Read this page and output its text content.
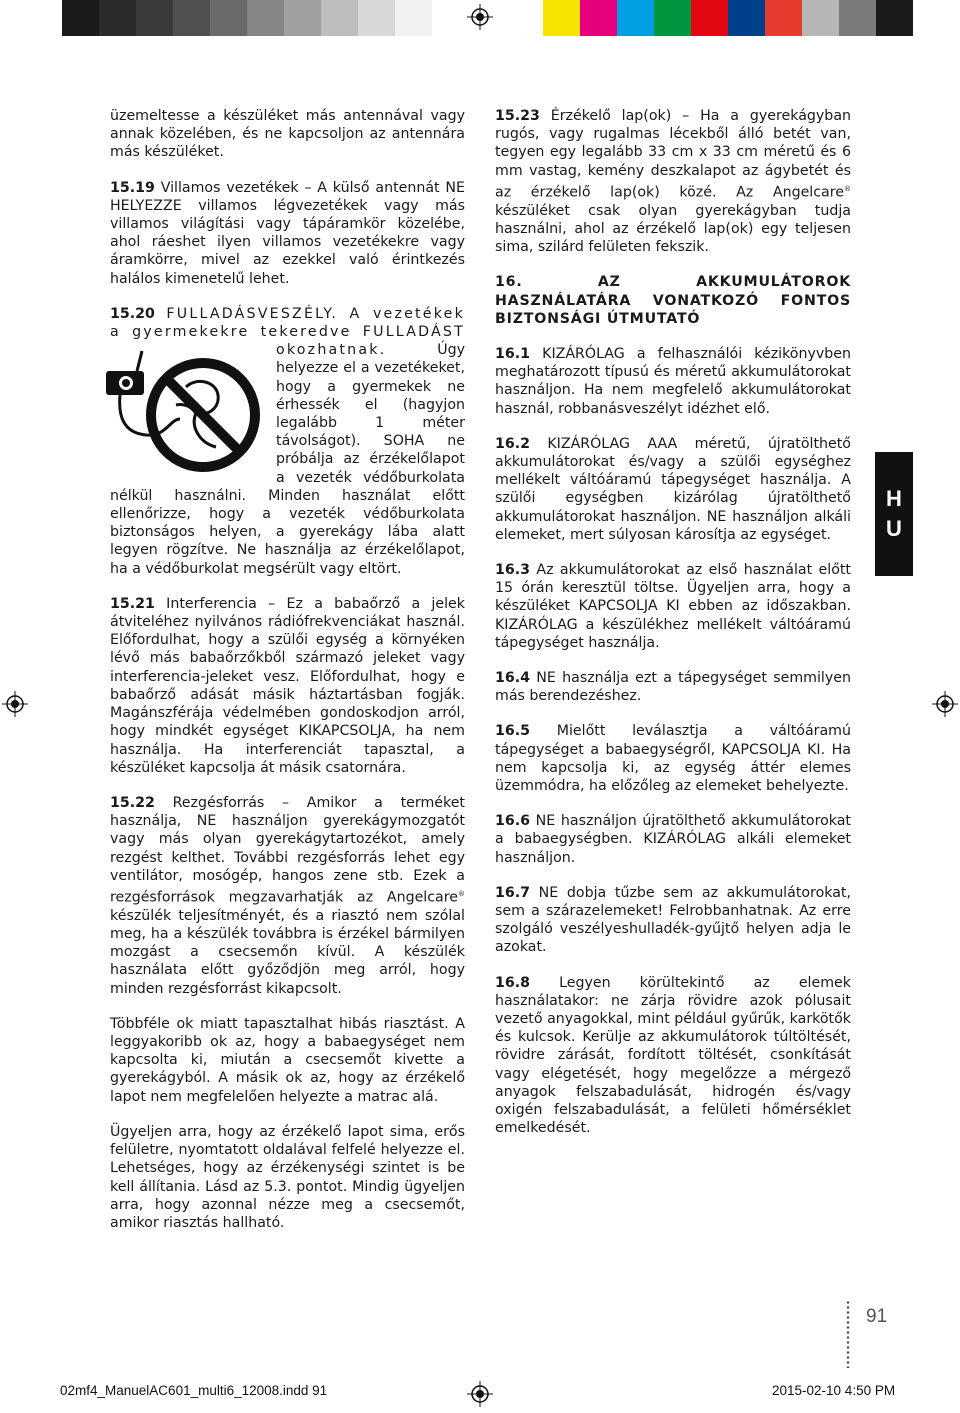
üzemeltesse a készüléket más antennával vagy annak közelében, és ne kapcsoljon az antennára más készüléket.

15.19 Villamos vezetékek – A külső antennát NE HELYEZZE villamos légvezetékek vagy más villamos világítási vagy tápáramkör közelébe, ahol ráeshet ilyen villamos vezetékekre vagy áramkörre, mivel az ezekkel való érintkezés halálos kimenetelű lehet.

15.20 FULLADÁSVESZÉLY. A vezetékek a gyermekekre tekeredve FULLADÁST okozhatnak.
Úgy helyezze el a vezetékeket, hogy a gyermekek ne érhessék el (hagyjon legalább 1 méter távolságot). SOHA ne próbálja az érzékelőlapot a vezeték védőburkolata nélkül használni. Minden használat előtt ellenőrizze, hogy a vezeték védőburkolata biztonságos helyen, a gyerekágy lába alatt legyen rögzítve. Ne használja az érzékelőlapot, ha a védőburkolat megsérült vagy eltört.

15.21 Interferencia – Ez a babaőrző a jelek átviteléhez nyilvános rádiófrekvenciákat használ. Előfordulhat, hogy a szülői egység a környéken lévő más babaőrzőkből származó jeleket vagy interferencia-jeleket vesz. Előfordulhat, hogy e babaőrző adását másik háztartásban fogják. Magánszférája védelmében gondoskodjon arról, hogy mindkét egységet KIKAPCSOLJA, ha nem használja. Ha interferenciát tapasztal, a készüléket kapcsolja át másik csatornára.

15.22 Rezgésforrás – Amikor a terméket használja, NE használjon gyerekágymozgatót vagy más olyan gyerekágytartozékot, amely rezgést kelthet. További rezgésforrás lehet egy ventilátor, mosógép, hangos zene stb. Ezek a rezgésforrások megzavarhatják az Angelcare® készülék teljesítményét, és a riasztó nem szólal meg, ha a készülék továbbra is érzékel bármilyen mozgást a csecsemőn kívül. A készülék használata előtt győződjön meg arról, hogy minden rezgésforrást kikapcsolt.

Többféle ok miatt tapasztalhat hibás riasztást. A leggyakoribb ok az, hogy a babaegységet nem kapcsolta ki, miután a csecsemőt kivette a gyerekágyból. A másik ok az, hogy az érzékelő lapot nem megfelelően helyezte a matrac alá.

Ügyeljen arra, hogy az érzékelő lapot sima, erős felületre, nyomtatott oldalával felfelé helyezze el. Lehetséges, hogy az érzékenységi szintet is be kell állítania. Lásd az 5.3. pontot. Mindig ügyeljen arra, hogy azonnal nézze meg a csecsemőt, amikor riasztás hallható.

15.23 Érzékelő lap(ok) – Ha a gyerekágyban rugós, vagy rugalmas lécekből álló betét van, tegyen egy legalább 33 cm x 33 cm méretű és 6 mm vastag, kemény deszkalapot az ágybetét és az érzékelő lap(ok) közé. Az Angelcare® készüléket csak olyan gyerekágyban tudja használni, ahol az érzékelő lap(ok) egy teljesen sima, szilárd felületen fekszik.

16. AZ AKKUMULÁTOROK HASZNÁLATÁRA VONATKOZÓ FONTOS BIZTONSÁGI ÚTMUTATÓ

16.1 KIZÁRÓLAG a felhasználói kézikönyvben meghatározott típusú és méretű akkumulátorokat használjon. Ha nem megfelelő akkumulátorokat használ, robbanásveszélyt idézhet elő.

16.2 KIZÁRÓLAG AAA méretű, újratölthető akkumulátorokat és/vagy a szülői egységhez mellékelt váltóáramú tápegységet használja. A szülői egységben kizárólag újratölthető akkumulátorokat használjon. NE használjon alkáli elemeket, mert súlyosan károsítja az egységet.

16.3 Az akkumulátorokat az első használat előtt 15 órán keresztül töltse. Ügyeljen arra, hogy a készüléket KAPCSOLJA KI ebben az időszakban. KIZÁRÓLAG a készülékhez mellékelt váltóáramú tápegységet használja.

16.4 NE használja ezt a tápegységet semmilyen más berendezéshez.

16.5 Mielőtt leválasztja a váltóáramú tápegységet a babaegységről, KAPCSOLJA KI. Ha nem kapcsolja ki, az egység áttér elemes üzemmódra, ha előzőleg az elemeket behelyezte.

16.6 NE használjon újratölthető akkumulátorokat a babaegységben. KIZÁRÓLAG alkáli elemeket használjon.

16.7 NE dobja tűzbe sem az akkumulátorokat, sem a szárazelemeket! Felrobbanhatnak. Az erre szolgáló veszélyeshulladék-gyűjtő helyen adja le azokat.

16.8 Legyen körültekintő az elemek használatakor: ne zárja rövidre azok pólusait vezető anyagokkal, mint például gyűrűk, karkötők és kulcsok. Kerülje az akkumulátorok túltöltését, rövidre zárását, fordított töltését, csonkítását vagy elégetését, hogy megelőzze a mérgező anyagok felszabadulását, hidrogén és/vagy oxigén felszabadulását, a felületi hőmérséklet emelkedését.

H
U
91
02mf4_ManuelAC601_multi6_12008.indd 91	2015-02-10 4:50 PM
